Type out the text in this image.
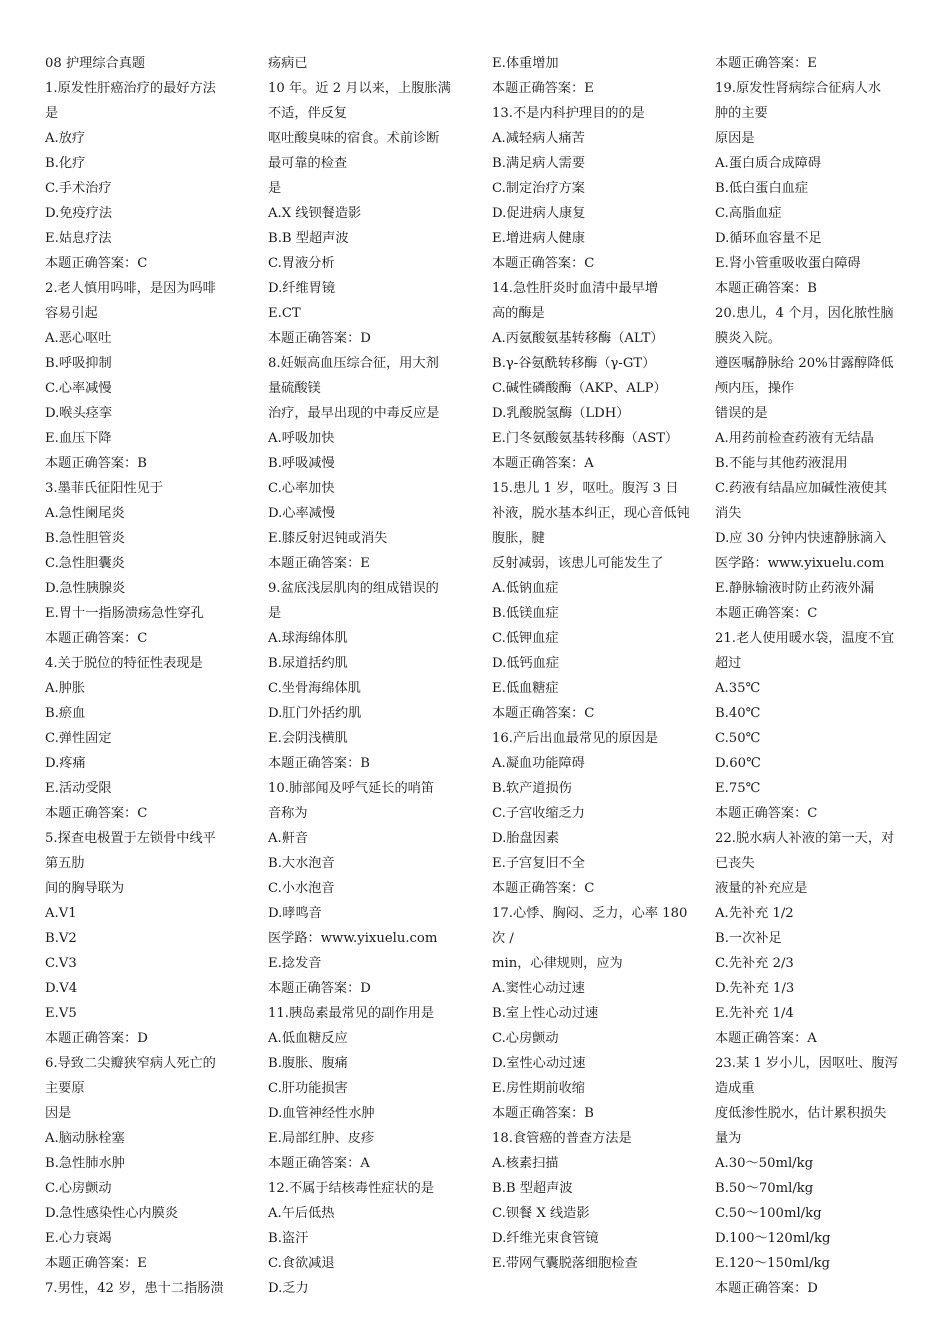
08 护理综合真题
1.原发性肝癌治疗的最好方法
是
A.放疗
B.化疗
C.手术治疗
D.免疫疗法
E.姑息疗法
本题正确答案：C
2.老人慎用吗啡，是因为吗啡
容易引起
A.恶心呕吐
B.呼吸抑制
C.心率减慢
D.喉头痉挛
E.血压下降
本题正确答案：B
3.墨菲氏征阳性见于
A.急性阑尾炎
B.急性胆管炎
C.急性胆囊炎
D.急性胰腺炎
E.胃十一指肠溃疡急性穿孔
本题正确答案：C
4.关于脱位的特征性表现是
A.肿胀
B.瘀血
C.弹性固定
D.疼痛
E.活动受限
本题正确答案：C
5.探查电极置于左锁骨中线平
第五肋
间的胸导联为
A.V1
B.V2
C.V3
D.V4
E.V5
本题正确答案：D
6.导致二尖瓣狭窄病人死亡的
主要原
因是
A.脑动脉栓塞
B.急性肺水肿
C.心房颤动
D.急性感染性心内膜炎
E.心力衰竭
本题正确答案：E
7.男性，42 岁，患十二指肠溃
疡病已
10 年。近 2 月以来，上腹胀满
不适，伴反复
呕吐酸臭味的宿食。术前诊断
最可靠的检查
是
A.X 线钡餐造影
B.B 型超声波
C.胃液分析
D.纤维胃镜
E.CT
本题正确答案：D
8.妊娠高血压综合征，用大剂
量硫酸镁
治疗，最早出现的中毒反应是
A.呼吸加快
B.呼吸减慢
C.心率加快
D.心率减慢
E.膝反射迟钝或消失
本题正确答案：E
9.盆底浅层肌肉的组成错误的
是
A.球海绵体肌
B.尿道括约肌
C.坐骨海绵体肌
D.肛门外括约肌
E.会阴浅横肌
本题正确答案：B
10.肺部闻及呼气延长的哨笛
音称为
A.鼾音
B.大水泡音
C.小水泡音
D.哮鸣音
医学路：www.yixuelu.com
E.捻发音
本题正确答案：D
11.胰岛素最常见的副作用是
A.低血糖反应
B.腹胀、腹痛
C.肝功能损害
D.血管神经性水肿
E.局部红肿、皮疹
本题正确答案：A
12.不属于结核毒性症状的是
A.午后低热
B.盗汗
C.食欲减退
D.乏力
E.体重增加
本题正确答案：E
13.不是内科护理目的的是
A.减轻病人痛苦
B.满足病人需要
C.制定治疗方案
D.促进病人康复
E.增进病人健康
本题正确答案：C
14.急性肝炎时血清中最早增
高的酶是
A.丙氨酸氨基转移酶（ALT）
B.γ-谷氨酰转移酶（γ-GT）
C.碱性磷酸酶（AKP、ALP）
D.乳酸脱氢酶（LDH）
E.门冬氨酸氨基转移酶（AST）
本题正确答案：A
15.患儿 1 岁，呕吐。腹泻 3 日
补液，脱水基本纠正，现心音低钝
腹胀，腱
反射减弱，该患儿可能发生了
A.低钠血症
B.低镁血症
C.低钾血症
D.低钙血症
E.低血糖症
本题正确答案：C
16.产后出血最常见的原因是
A.凝血功能障碍
B.软产道损伤
C.子宫收缩乏力
D.胎盘因素
E.子宫复旧不全
本题正确答案：C
17.心悸、胸闷、乏力，心率 180
次 /
min，心律规则，应为
A.窦性心动过速
B.室上性心动过速
C.心房颤动
D.室性心动过速
E.房性期前收缩
本题正确答案：B
18.食管癌的普查方法是
A.核素扫描
B.B 型超声波
C.钡餐 X 线造影
D.纤维光束食管镜
E.带网气囊脱落细胞检查
本题正确答案：E
19.原发性肾病综合征病人水
肿的主要
原因是
A.蛋白质合成障碍
B.低白蛋白血症
C.高脂血症
D.循环血容量不足
E.肾小管重吸收蛋白障碍
本题正确答案：B
20.患儿，4 个月，因化脓性脑
膜炎入院。
遵医嘱静脉给 20%甘露醇降低
颅内压，操作
错误的是
A.用药前检查药液有无结晶
B.不能与其他药液混用
C.药液有结晶应加碱性液使其
消失
D.应 30 分钟内快速静脉滴入
医学路：www.yixuelu.com
E.静脉输液时防止药液外漏
本题正确答案：C
21.老人使用暖水袋，温度不宜
超过
A.35℃
B.40℃
C.50℃
D.60℃
E.75℃
本题正确答案：C
22.脱水病人补液的第一天，对
已丧失
液量的补充应是
A.先补充 1/2
B.一次补足
C.先补充 2/3
D.先补充 1/3
E.先补充 1/4
本题正确答案：A
23.某 1 岁小儿，因呕吐、腹泻
造成重
度低渗性脱水，估计累积损失
量为
A.30～50ml/kg
B.50～70ml/kg
C.50～100ml/kg
D.100～120ml/kg
E.120～150ml/kg
本题正确答案：D
